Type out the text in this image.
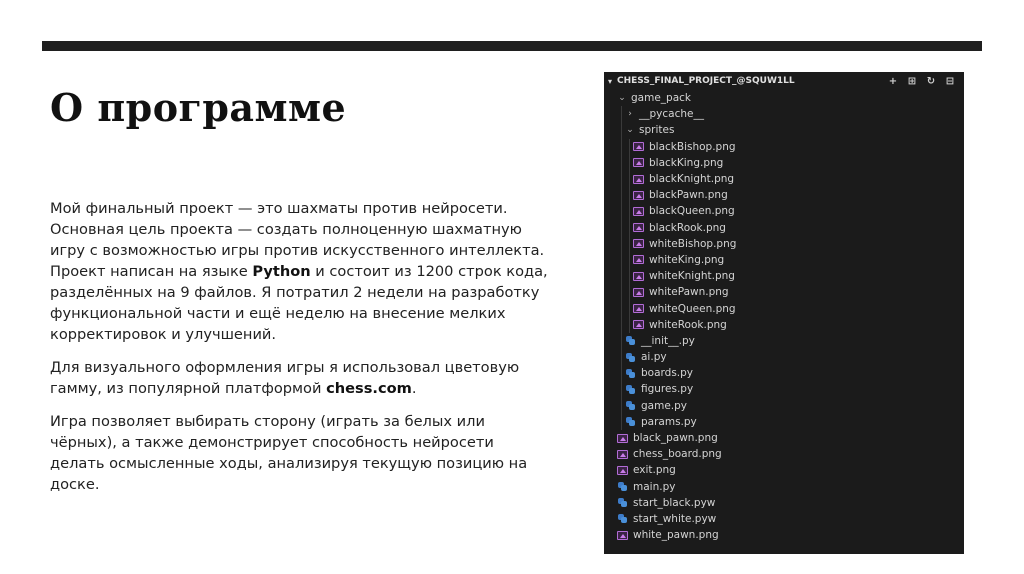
О программе

Мой финальный проект — это шахматы против нейросети.
Основная цель проекта — создать полноценную шахматную игру с возможностью игры против искусственного интеллекта. Проект написан на языке Python и состоит из 1200 строк кода, разделённых на 9 файлов. Я потратил 2 недели на разработку функциональной части и ещё неделю на внесение мелких корректировок и улучшений.

Для визуального оформления игры я использовал цветовую гамму, из популярной платформой chess.com.

Игра позволяет выбирать сторону (играть за белых или чёрных), а также демонстрирует способность нейросети делать осмысленные ходы, анализируя текущую позицию на доске.

▾ CHESS_FINAL_PROJECT_@SQUW1LL	+ ⊞ ↻ ⊟
⌄ game_pack
› __pycache__
⌄ sprites
blackBishop.png
blackKing.png
blackKnight.png
blackPawn.png
blackQueen.png
blackRook.png
whiteBishop.png
whiteKing.png
whiteKnight.png
whitePawn.png
whiteQueen.png
whiteRook.png
__init__.py
ai.py
boards.py
figures.py
game.py
params.py
black_pawn.png
chess_board.png
exit.png
main.py
start_black.pyw
start_white.pyw
white_pawn.png
